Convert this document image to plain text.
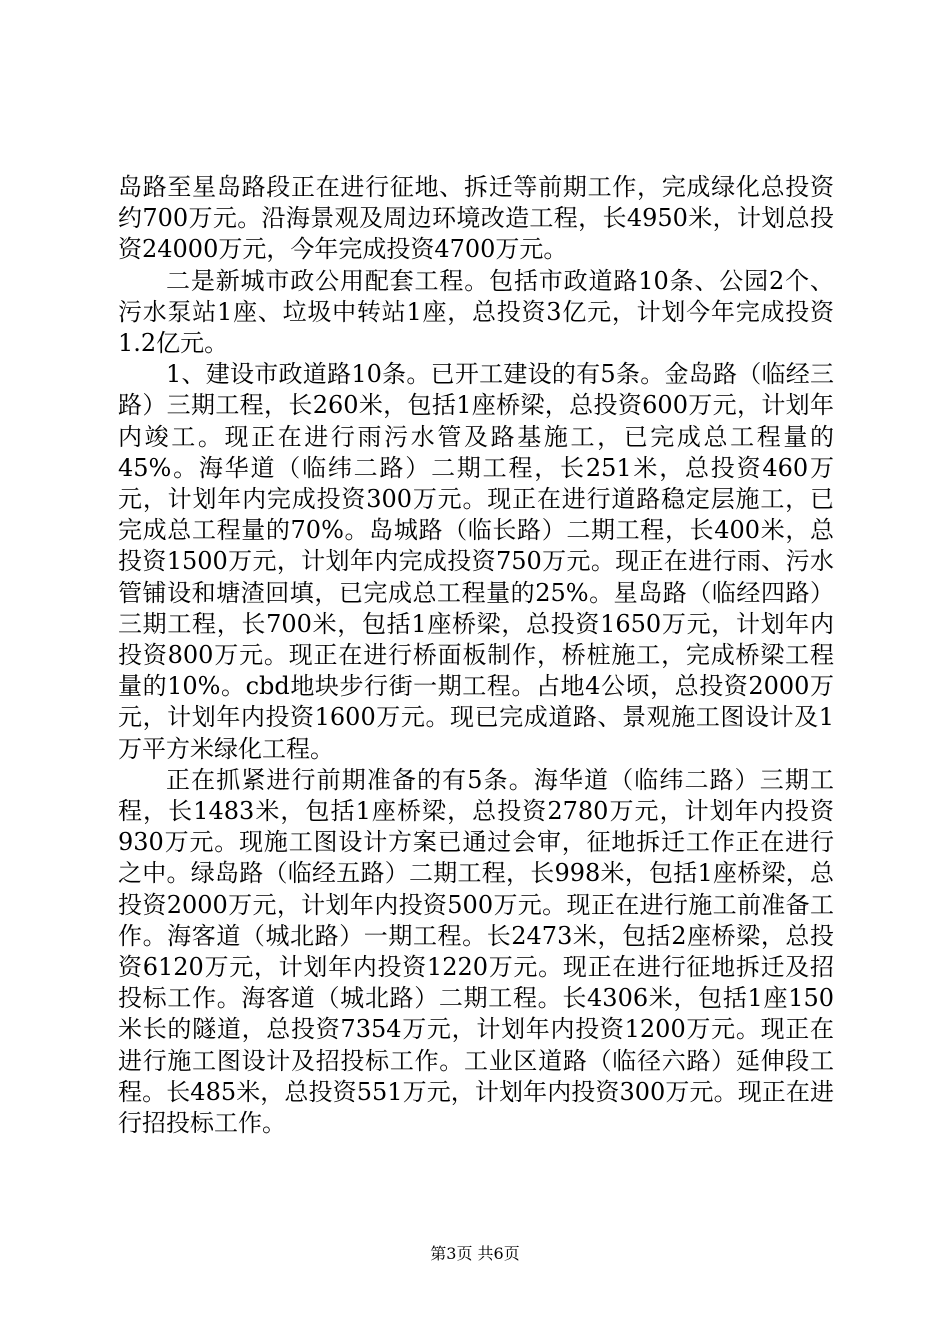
岛路至星岛路段正在进行征地、拆迁等前期工作，完成绿化总投资约700万元。沿海景观及周边环境改造工程，长4950米，计划总投资24000万元，今年完成投资4700万元。

二是新城市政公用配套工程。包括市政道路10条、公园2个、污水泵站1座、垃圾中转站1座，总投资3亿元，计划今年完成投资1.2亿元。

1、建设市政道路10条。已开工建设的有5条。金岛路（临经三路）三期工程，长260米，包括1座桥梁，总投资600万元，计划年内竣工。现正在进行雨污水管及路基施工，已完成总工程量的45%。海华道（临纬二路）二期工程，长251米，总投资460万元，计划年内完成投资300万元。现正在进行道路稳定层施工，已完成总工程量的70%。岛城路（临长路）二期工程，长400米，总投资1500万元，计划年内完成投资750万元。现正在进行雨、污水管铺设和塘渣回填，已完成总工程量的25%。星岛路（临经四路）三期工程，长700米，包括1座桥梁，总投资1650万元，计划年内投资800万元。现正在进行桥面板制作，桥桩施工，完成桥梁工程量的10%。cbd地块步行街一期工程。占地4公顷，总投资2000万元，计划年内投资1600万元。现已完成道路、景观施工图设计及1万平方米绿化工程。

正在抓紧进行前期准备的有5条。海华道（临纬二路）三期工程，长1483米，包括1座桥梁，总投资2780万元，计划年内投资930万元。现施工图设计方案已通过会审，征地拆迁工作正在进行之中。绿岛路（临经五路）二期工程，长998米，包括1座桥梁，总投资2000万元，计划年内投资500万元。现正在进行施工前准备工作。海客道（城北路）一期工程。长2473米，包括2座桥梁，总投资6120万元，计划年内投资1220万元。现正在进行征地拆迁及招投标工作。海客道（城北路）二期工程。长4306米，包括1座150米长的隧道，总投资7354万元，计划年内投资1200万元。现正在进行施工图设计及招投标工作。工业区道路（临径六路）延伸段工程。长485米，总投资551万元，计划年内投资300万元。现正在进行招投标工作。

第3页 共6页
